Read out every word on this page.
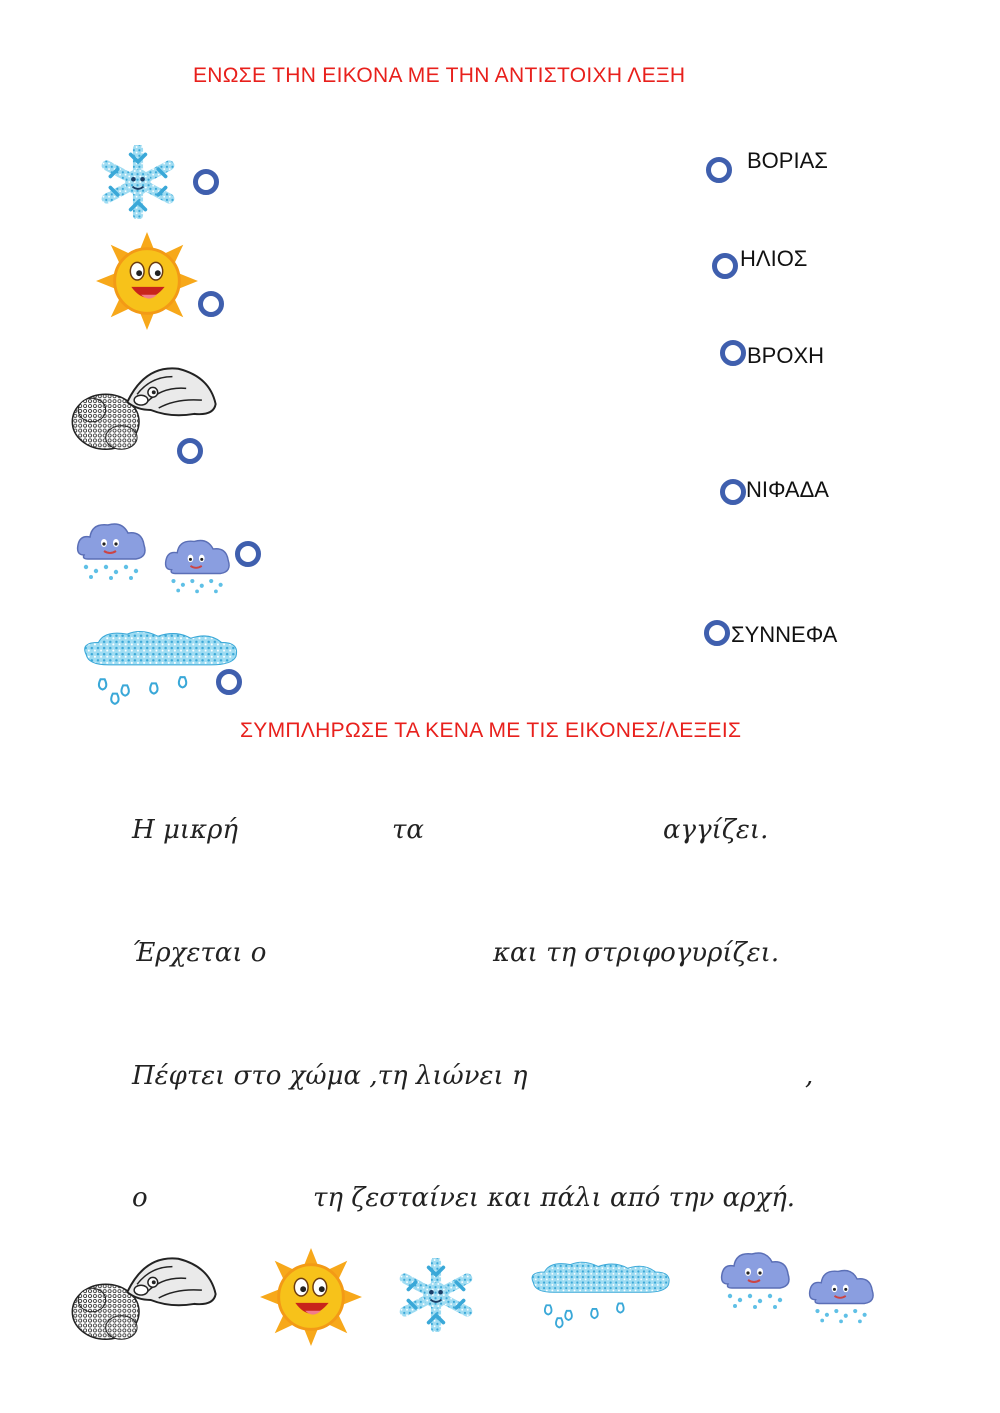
ΕΝΩΣΕ ΤΗΝ ΕΙΚΟΝΑ ΜΕ ΤΗΝ ΑΝΤΙΣΤΟΙΧΗ ΛΕΞΗ
ΒΟΡΙΑΣ
ΗΛΙΟΣ
ΒΡΟΧΗ
ΝΙΦΑΔΑ
ΣΥΝΝΕΦΑ
ΣΥΜΠΛΗΡΩΣΕ ΤΑ ΚΕΝΑ ΜΕ ΤΙΣ ΕΙΚΟΝΕΣ/ΛΕΞΕΙΣ
Η μικρή	τα	αγγίζει.
Έρχεται ο	και τη στριφογυρίζει.
Πέφτει στο χώμα ,τη λιώνει η	,
ο	τη ζεσταίνει και πάλι από την αρχή.
